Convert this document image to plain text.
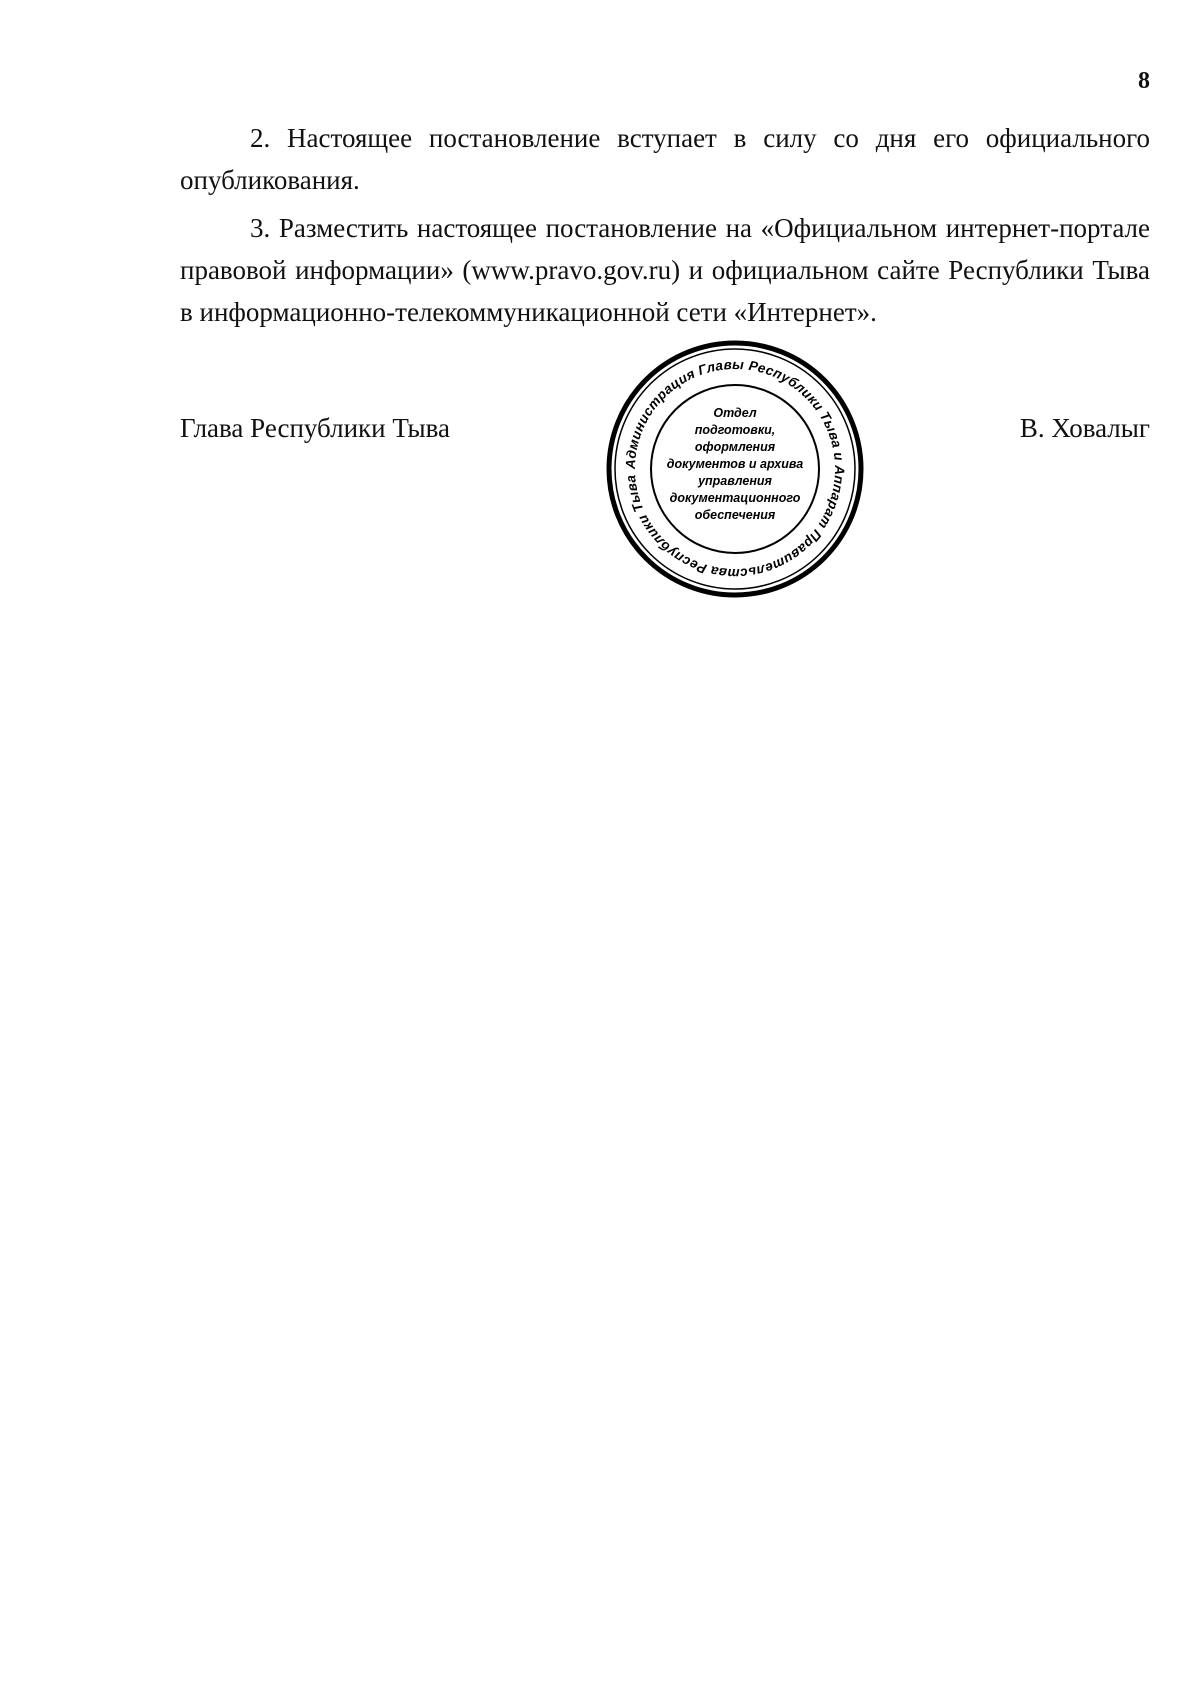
8

2. Настоящее постановление вступает в силу со дня его официального опубликования.

3. Разместить настоящее постановление на «Официальном интернет-портале правовой информации» (www.pravo.gov.ru) и официальном сайте Республики Тыва в информационно-телекоммуникационной сети «Интернет».

Глава Республики Тыва	В. Ховалыг
Администрация Главы Республики Тыва и Аппарат Правительства Республики Тыва
Отдел
подготовки,
оформления
документов и архива
управления
документационного
обеспечения
